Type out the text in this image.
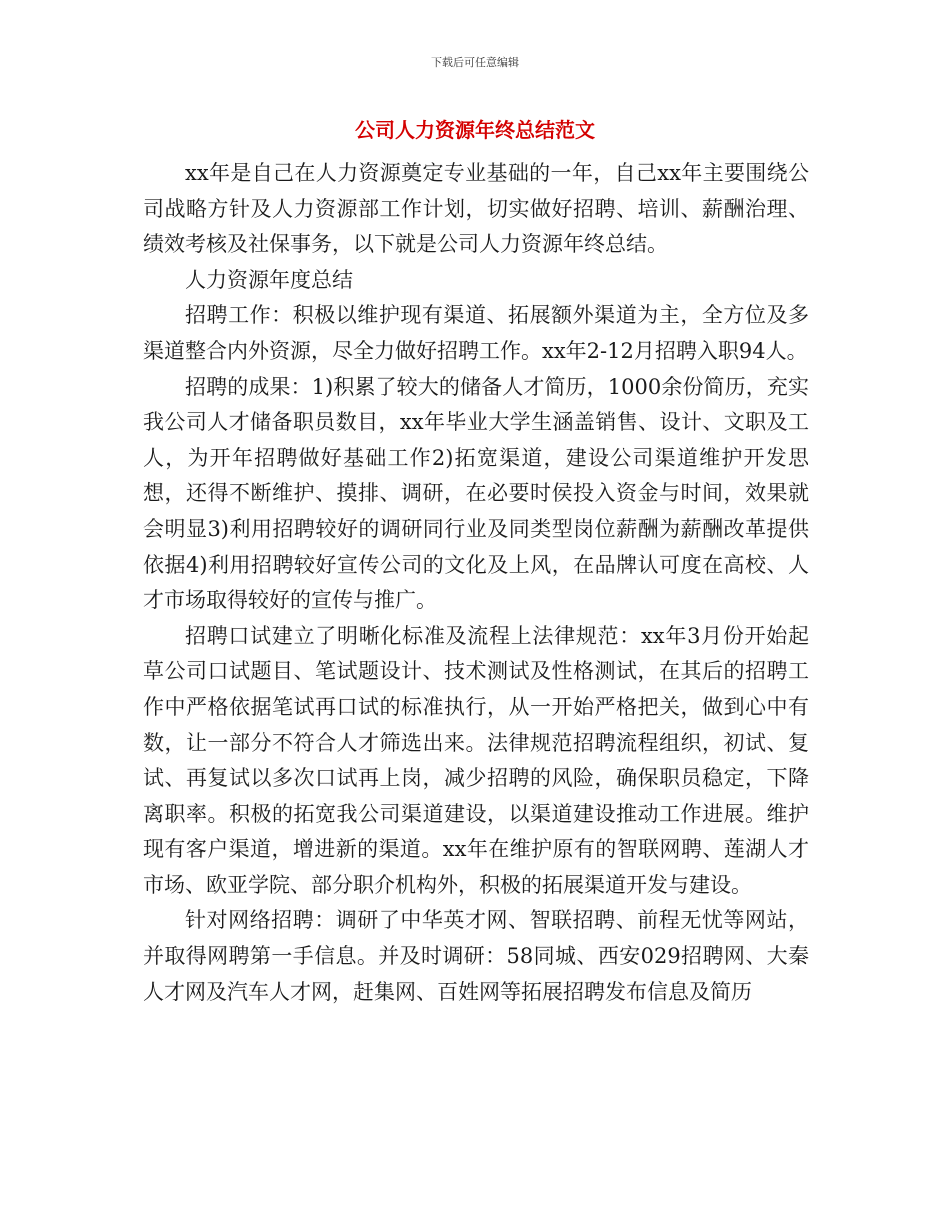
下载后可任意编辑
公司人力资源年终总结范文

xx年是自己在人力资源奠定专业基础的一年，自己xx年主要围绕公司战略方针及人力资源部工作计划，切实做好招聘、培训、薪酬治理、绩效考核及社保事务，以下就是公司人力资源年终总结。

人力资源年度总结

招聘工作：积极以维护现有渠道、拓展额外渠道为主，全方位及多渠道整合内外资源，尽全力做好招聘工作。xx年2-12月招聘入职94人。

招聘的成果：1)积累了较大的储备人才简历，1000余份简历，充实我公司人才储备职员数目，xx年毕业大学生涵盖销售、设计、文职及工人，为开年招聘做好基础工作2)拓宽渠道，建设公司渠道维护开发思想，还得不断维护、摸排、调研，在必要时侯投入资金与时间，效果就会明显3)利用招聘较好的调研同行业及同类型岗位薪酬为薪酬改革提供依据4)利用招聘较好宣传公司的文化及上风，在品牌认可度在高校、人才市场取得较好的宣传与推广。

招聘口试建立了明晰化标准及流程上法律规范：xx年3月份开始起草公司口试题目、笔试题设计、技术测试及性格测试，在其后的招聘工作中严格依据笔试再口试的标准执行，从一开始严格把关，做到心中有数，让一部分不符合人才筛选出来。法律规范招聘流程组织，初试、复试、再复试以多次口试再上岗，减少招聘的风险，确保职员稳定，下降离职率。积极的拓宽我公司渠道建设，以渠道建设推动工作进展。维护现有客户渠道，增进新的渠道。xx年在维护原有的智联网聘、莲湖人才市场、欧亚学院、部分职介机构外，积极的拓展渠道开发与建设。

针对网络招聘：调研了中华英才网、智联招聘、前程无忧等网站，并取得网聘第一手信息。并及时调研：58同城、西安029招聘网、大秦人才网及汽车人才网，赶集网、百姓网等拓展招聘发布信息及简历
